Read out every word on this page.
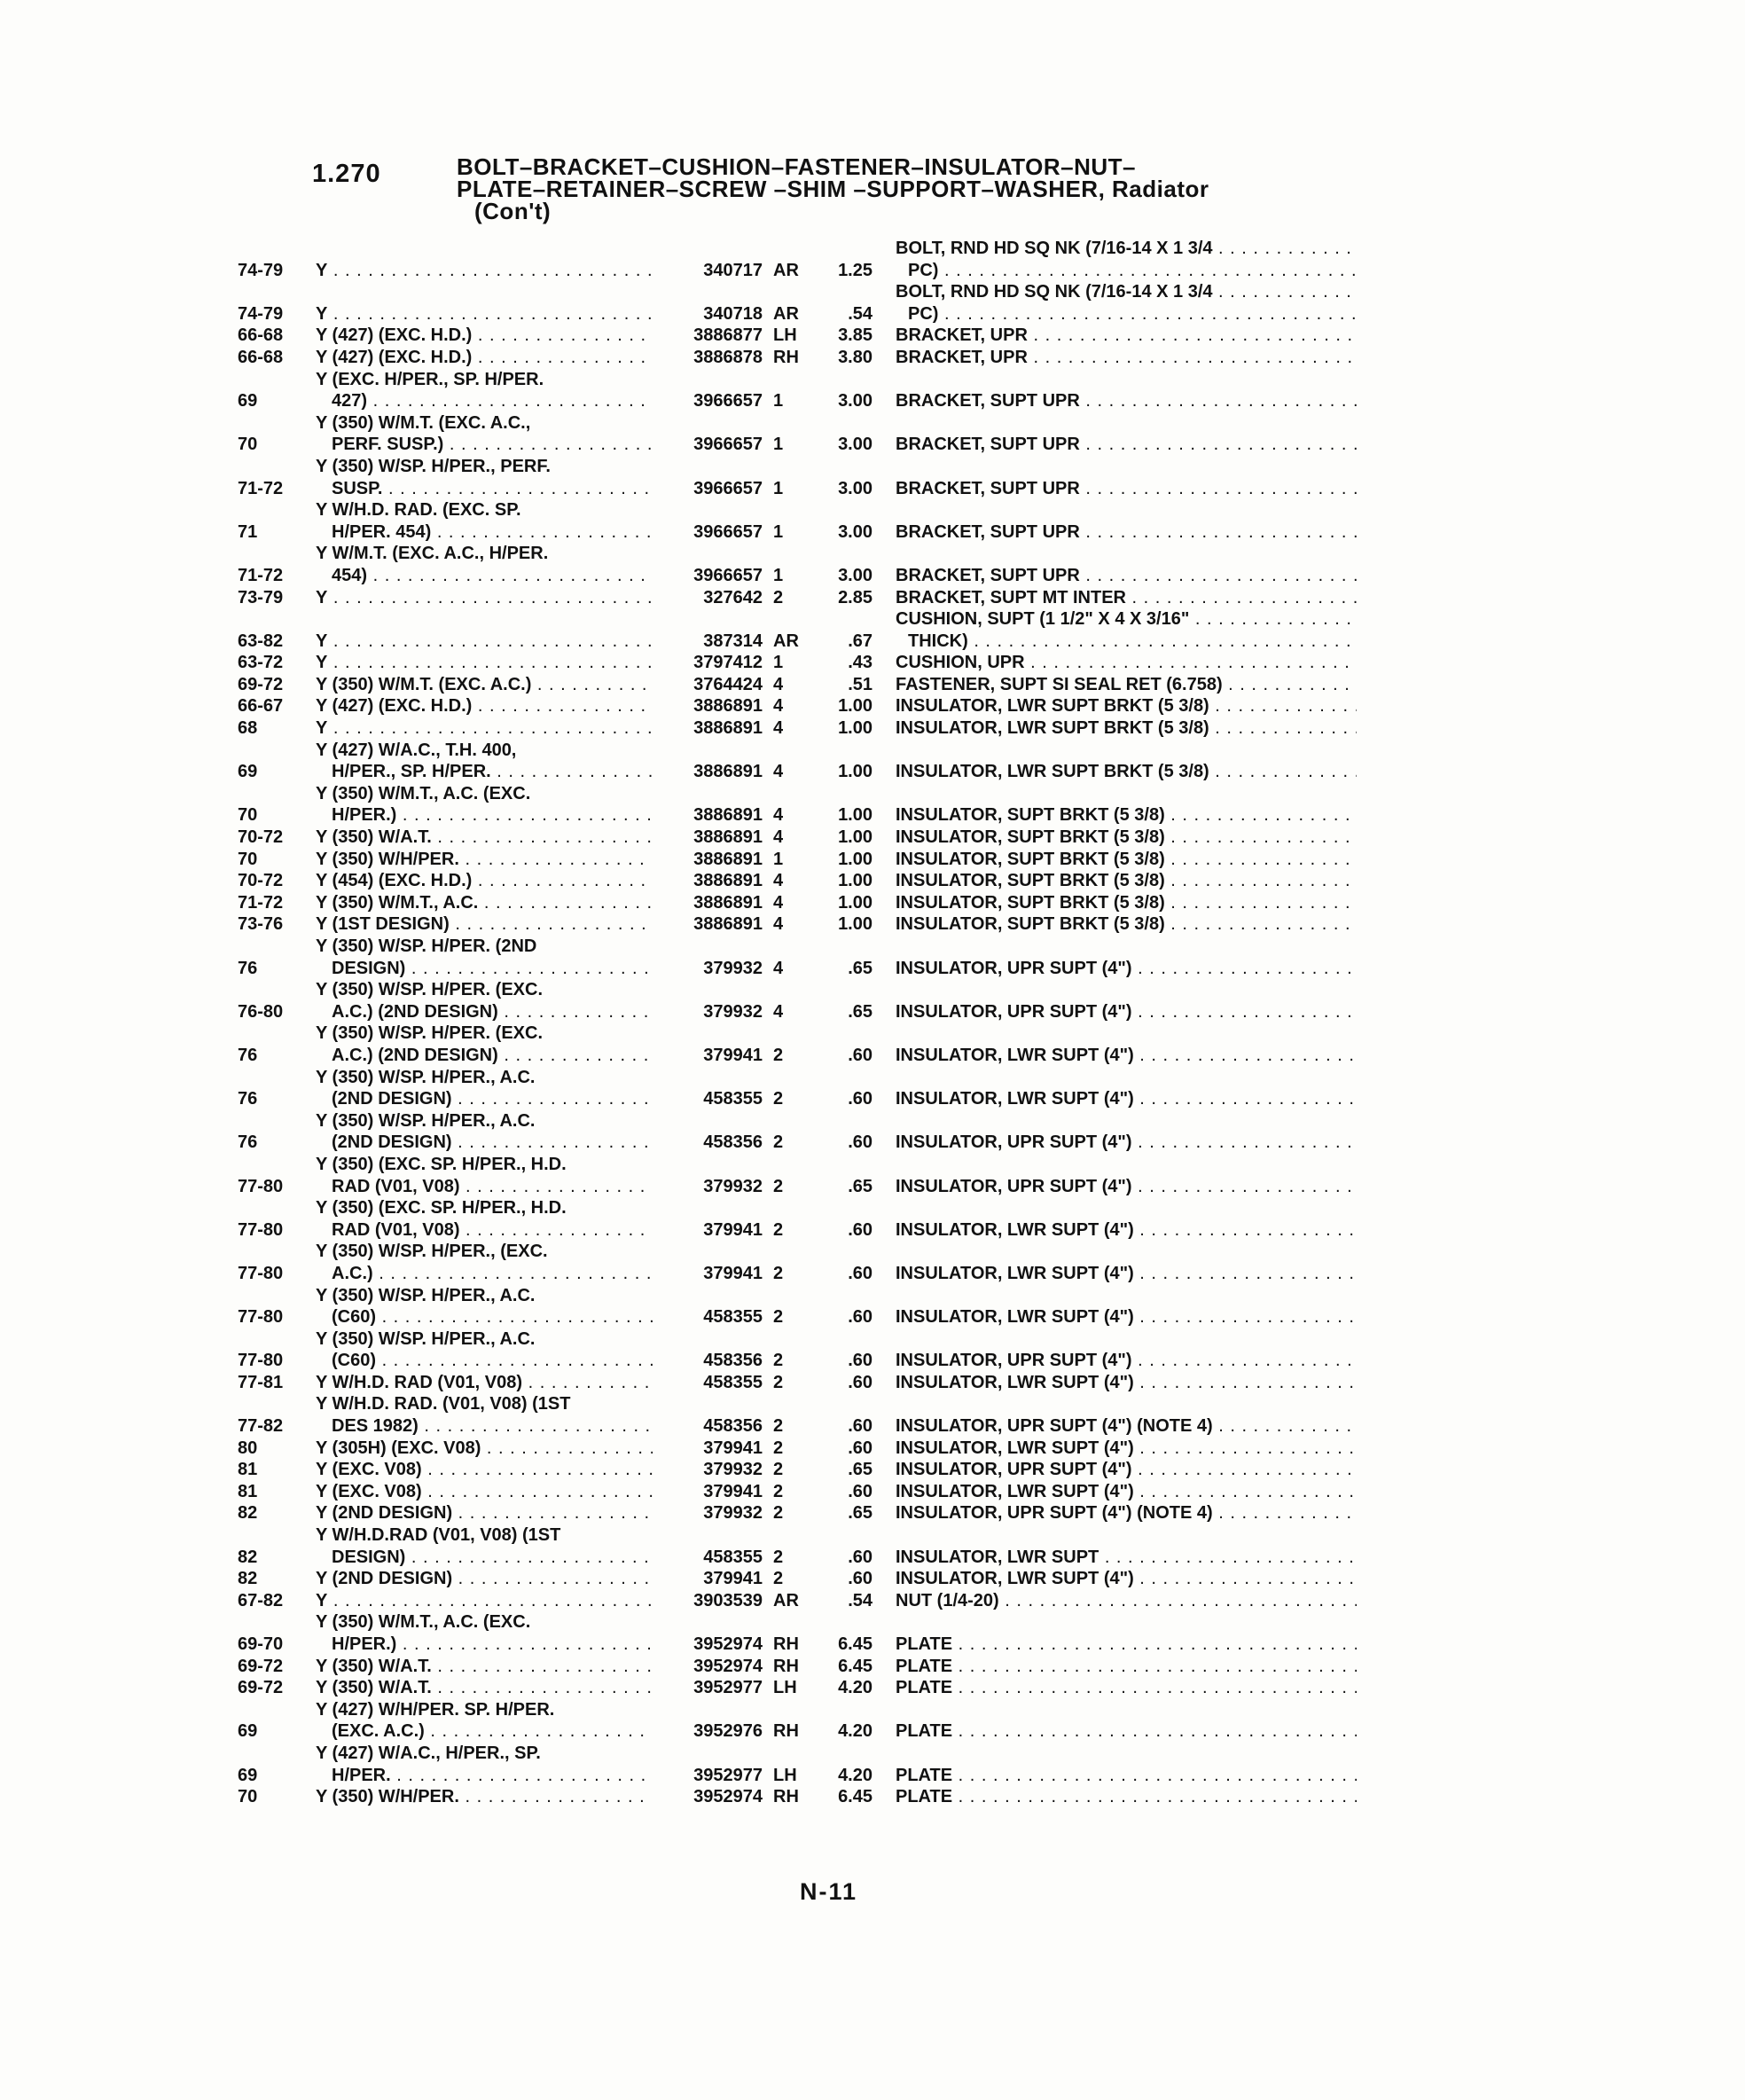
1.270	BOLT–BRACKET–CUSHION–FASTENER–INSULATOR–NUT–
PLATE–RETAINER–SCREW –SHIM –SUPPORT–WASHER, Radiator
(Con't)
74-79	Y . . .	340717 AR	1.25
BOLT, RND HD SQ NK (7/16-14 X 1 3/4 . . .
PC) . . .
74-79	Y . . .	340718 AR	.54
BOLT, RND HD SQ NK (7/16-14 X 1 3/4 . . .
PC) . . .
66-68	Y (427) (EXC. H.D.) . . .	3886877 LH	3.85 BRACKET, UPR . . .
66-68	Y (427) (EXC. H.D.) . . .	3886878 RH	3.80 BRACKET, UPR . . .
69
Y (EXC. H/PER., SP. H/PER.
427) . . .	3966657 1	3.00 BRACKET, SUPT UPR . . .
70
Y (350) W/M.T. (EXC. A.C.,
PERF. SUSP.) . . .	3966657 1	3.00 BRACKET, SUPT UPR . . .
71-72
Y (350) W/SP. H/PER., PERF.
SUSP. . . .	3966657 1	3.00 BRACKET, SUPT UPR . . .
71
Y W/H.D. RAD. (EXC. SP.
H/PER. 454) . . .	3966657 1	3.00 BRACKET, SUPT UPR . . .
71-72
Y W/M.T. (EXC. A.C., H/PER.
454) . . .	3966657 1	3.00 BRACKET, SUPT UPR . . .
73-79	Y . . .	327642 2	2.85 BRACKET, SUPT MT INTER . . .
63-82	Y . . .	387314 AR	.67
CUSHION, SUPT (1 1/2" X 4 X 3/16" . . .
THICK) . . .
63-72	Y . . .	3797412 1	.43 CUSHION, UPR . . .
69-72	Y (350) W/M.T. (EXC. A.C.) . . .	3764424 4	.51 FASTENER, SUPT SI SEAL RET (6.758) . . .
66-67	Y (427) (EXC. H.D.) . . .	3886891 4	1.00 INSULATOR, LWR SUPT BRKT (5 3/8) . . .
68	Y . . .	3886891 4	1.00 INSULATOR, LWR SUPT BRKT (5 3/8) . . .
69
Y (427) W/A.C., T.H. 400,
H/PER., SP. H/PER. . . .	3886891 4	1.00 INSULATOR, LWR SUPT BRKT (5 3/8) . . .
70
Y (350) W/M.T., A.C. (EXC.
H/PER.) . . .	3886891 4	1.00 INSULATOR, SUPT BRKT (5 3/8) . . .
70-72	Y (350) W/A.T. . . .	3886891 4	1.00 INSULATOR, SUPT BRKT (5 3/8) . . .
70	Y (350) W/H/PER. . . .	3886891 1	1.00 INSULATOR, SUPT BRKT (5 3/8) . . .
70-72	Y (454) (EXC. H.D.) . . .	3886891 4	1.00 INSULATOR, SUPT BRKT (5 3/8) . . .
71-72	Y (350) W/M.T., A.C. . . .	3886891 4	1.00 INSULATOR, SUPT BRKT (5 3/8) . . .
73-76	Y (1ST DESIGN) . . .	3886891 4	1.00 INSULATOR, SUPT BRKT (5 3/8) . . .
76
Y (350) W/SP. H/PER. (2ND
DESIGN) . . .	379932 4	.65 INSULATOR, UPR SUPT (4") . . .
76-80
Y (350) W/SP. H/PER. (EXC.
A.C.) (2ND DESIGN) . . .	379932 4	.65 INSULATOR, UPR SUPT (4") . . .
76
Y (350) W/SP. H/PER. (EXC.
A.C.) (2ND DESIGN) . . .	379941 2	.60 INSULATOR, LWR SUPT (4") . . .
76
Y (350) W/SP. H/PER., A.C.
(2ND DESIGN) . . .	458355 2	.60 INSULATOR, LWR SUPT (4") . . .
76
Y (350) W/SP. H/PER., A.C.
(2ND DESIGN) . . .	458356 2	.60 INSULATOR, UPR SUPT (4") . . .
77-80
Y (350) (EXC. SP. H/PER., H.D.
RAD (V01, V08) . . .	379932 2	.65 INSULATOR, UPR SUPT (4") . . .
77-80
Y (350) (EXC. SP. H/PER., H.D.
RAD (V01, V08) . . .	379941 2	.60 INSULATOR, LWR SUPT (4") . . .
77-80
Y (350) W/SP. H/PER., (EXC.
A.C.) . . .	379941 2	.60 INSULATOR, LWR SUPT (4") . . .
77-80
Y (350) W/SP. H/PER., A.C.
(C60) . . .	458355 2	.60 INSULATOR, LWR SUPT (4") . . .
77-80
Y (350) W/SP. H/PER., A.C.
(C60) . . .	458356 2	.60 INSULATOR, UPR SUPT (4") . . .
77-81	Y W/H.D. RAD (V01, V08) . . .	458355 2	.60 INSULATOR, LWR SUPT (4") . . .
77-82
Y W/H.D. RAD. (V01, V08) (1ST
DES 1982) . . .	458356 2	.60 INSULATOR, UPR SUPT (4") (NOTE 4) . . .
80	Y (305H) (EXC. V08) . . .	379941 2	.60 INSULATOR, LWR SUPT (4") . . .
81	Y (EXC. V08) . . .	379932 2	.65 INSULATOR, UPR SUPT (4") . . .
81	Y (EXC. V08) . . .	379941 2	.60 INSULATOR, LWR SUPT (4") . . .
82	Y (2ND DESIGN) . . .	379932 2	.65 INSULATOR, UPR SUPT (4") (NOTE 4) . . .
82
Y W/H.D.RAD (V01, V08) (1ST
DESIGN) . . .	458355 2	.60 INSULATOR, LWR SUPT . . .
82	Y (2ND DESIGN) . . .	379941 2	.60 INSULATOR, LWR SUPT (4") . . .
67-82	Y . . .	3903539 AR	.54 NUT (1/4-20) . . .
69-70
Y (350) W/M.T., A.C. (EXC.
H/PER.) . . .	3952974 RH	6.45 PLATE . . .
69-72	Y (350) W/A.T. . . .	3952974 RH	6.45 PLATE . . .
69-72	Y (350) W/A.T. . . .	3952977 LH	4.20 PLATE . . .
69
Y (427) W/H/PER. SP. H/PER.
(EXC. A.C.) . . .	3952976 RH	4.20 PLATE . . .
69
Y (427) W/A.C., H/PER., SP.
H/PER. . . .	3952977 LH	4.20 PLATE . . .
70	Y (350) W/H/PER. . . .	3952974 RH	6.45 PLATE . . .
N-11
